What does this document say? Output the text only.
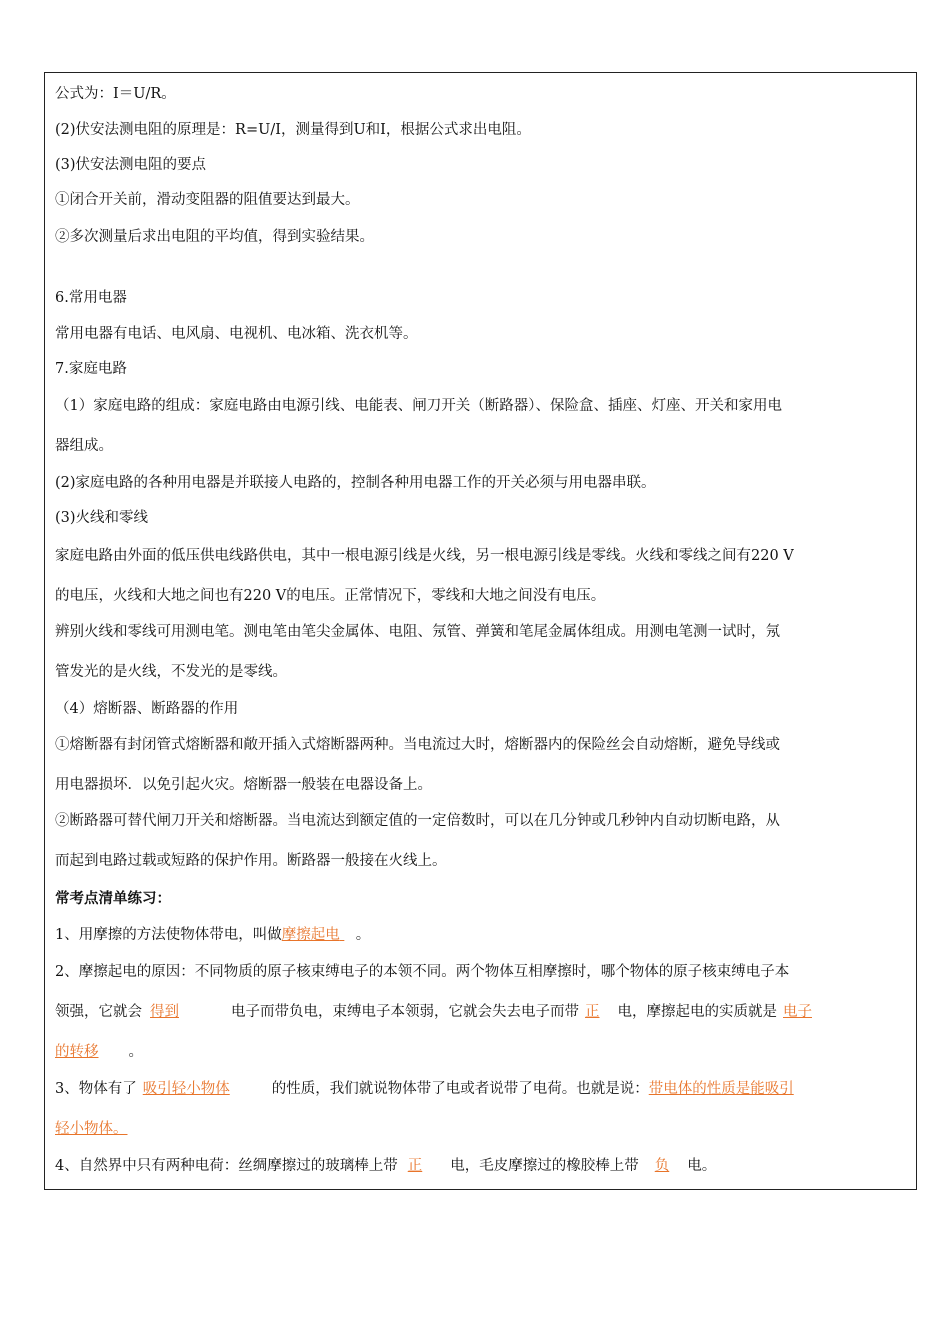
公式为：I＝U/R。
(2)伏安法测电阻的原理是：R=U/I，测量得到U和I，根据公式求出电阻。
(3)伏安法测电阻的要点
①闭合开关前，滑动变阻器的阻值要达到最大。
②多次测量后求出电阻的平均值，得到实验结果。
6.常用电器
常用电器有电话、电风扇、电视机、电冰箱、洗衣机等。
7.家庭电路
（1）家庭电路的组成：家庭电路由电源引线、电能表、闸刀开关（断路器）、保险盒、插座、灯座、开关和家用电
器组成。
(2)家庭电路的各种用电器是并联接人电路的，控制各种用电器工作的开关必须与用电器串联。
(3)火线和零线
家庭电路由外面的低压供电线路供电，其中一根电源引线是火线，另一根电源引线是零线。火线和零线之间有220 V
的电压，火线和大地之间也有220 V的电压。正常情况下，零线和大地之间没有电压。
辨别火线和零线可用测电笔。测电笔由笔尖金属体、电阻、氖管、弹簧和笔尾金属体组成。用测电笔测一试时，氖
管发光的是火线，不发光的是零线。
（4）熔断器、断路器的作用
①熔断器有封闭管式熔断器和敞开插入式熔断器两种。当电流过大时，熔断器内的保险丝会自动熔断，避免导线或
用电器损坏．以免引起火灾。熔断器一般装在电器设备上。
②断路器可替代闸刀开关和熔断器。当电流达到额定值的一定倍数时，可以在几分钟或几秒钟内自动切断电路，从
而起到电路过载或短路的保护作用。断路器一般接在火线上。
常考点清单练习：
1、用摩擦的方法使物体带电，叫做摩擦起电 。
2、摩擦起电的原因：不同物质的原子核束缚电子的本领不同。两个物体互相摩擦时，哪个物体的原子核束缚电子本
领强，它就会 得到	电子而带负电，束缚电子本领弱，它就会失去电子而带 正 电，摩擦起电的实质就是 电子
的转移 。
3、物体有了 吸引轻小物体	的性质，我们就说物体带了电或者说带了电荷。也就是说：带电体的性质是能吸引
轻小物体。
4、自然界中只有两种电荷：丝绸摩擦过的玻璃棒上带 正 电，毛皮摩擦过的橡胶棒上带 负 电。
